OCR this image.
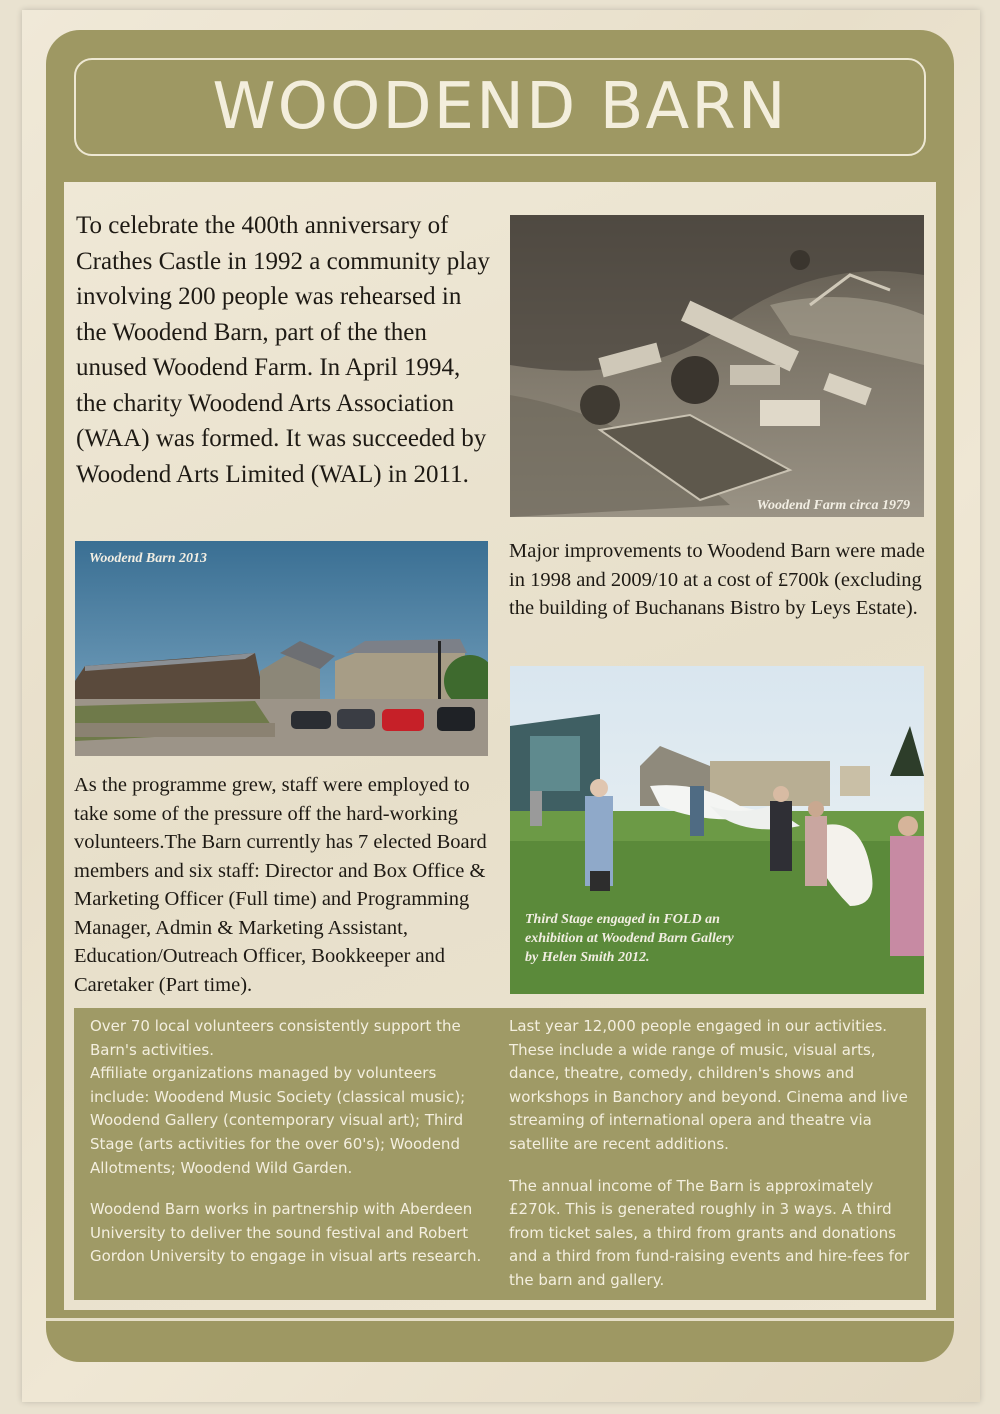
WOODEND BARN

To celebrate the 400th anniversary of Crathes Castle in 1992 a community play involving 200 people was rehearsed in the Woodend Barn, part of the then unused Woodend Farm. In April 1994, the charity Woodend Arts Association (WAA) was formed. It was succeeded by Woodend Arts Limited (WAL) in 2011.

Woodend Farm circa 1979

Woodend Barn 2013	Major improvements to Woodend Barn were made in 1998 and 2009/10 at a cost of £700k (excluding the building of Buchanans Bistro by Leys Estate).

Third Stage engaged in FOLD an exhibition at Woodend Barn Gallery by Helen Smith 2012.

As the programme grew, staff were employed to take some of the pressure off the hard-working volunteers.The Barn currently has 7 elected Board members and six staff: Director and Box Office & Marketing Officer (Full time) and Programming Manager, Admin & Marketing Assistant, Education/Outreach Officer, Bookkeeper and Caretaker (Part time).

Over 70 local volunteers consistently support the Barn's activities.

Affiliate organizations managed by volunteers include: Woodend Music Society (classical music); Woodend Gallery (contemporary visual art); Third Stage (arts activities for the over 60's); Woodend Allotments; Woodend Wild Garden.

Woodend Barn works in partnership with Aberdeen University to deliver the sound festival and Robert Gordon University to engage in visual arts research.

Last year 12,000 people engaged in our activities. These include a wide range of music, visual arts, dance, theatre, comedy, children's shows and workshops in Banchory and beyond. Cinema and live streaming of international opera and theatre via satellite are recent additions.

The annual income of The Barn is approximately £270k. This is generated roughly in 3 ways. A third from ticket sales, a third from grants and donations and a third from fund-raising events and hire-fees for the barn and gallery.
